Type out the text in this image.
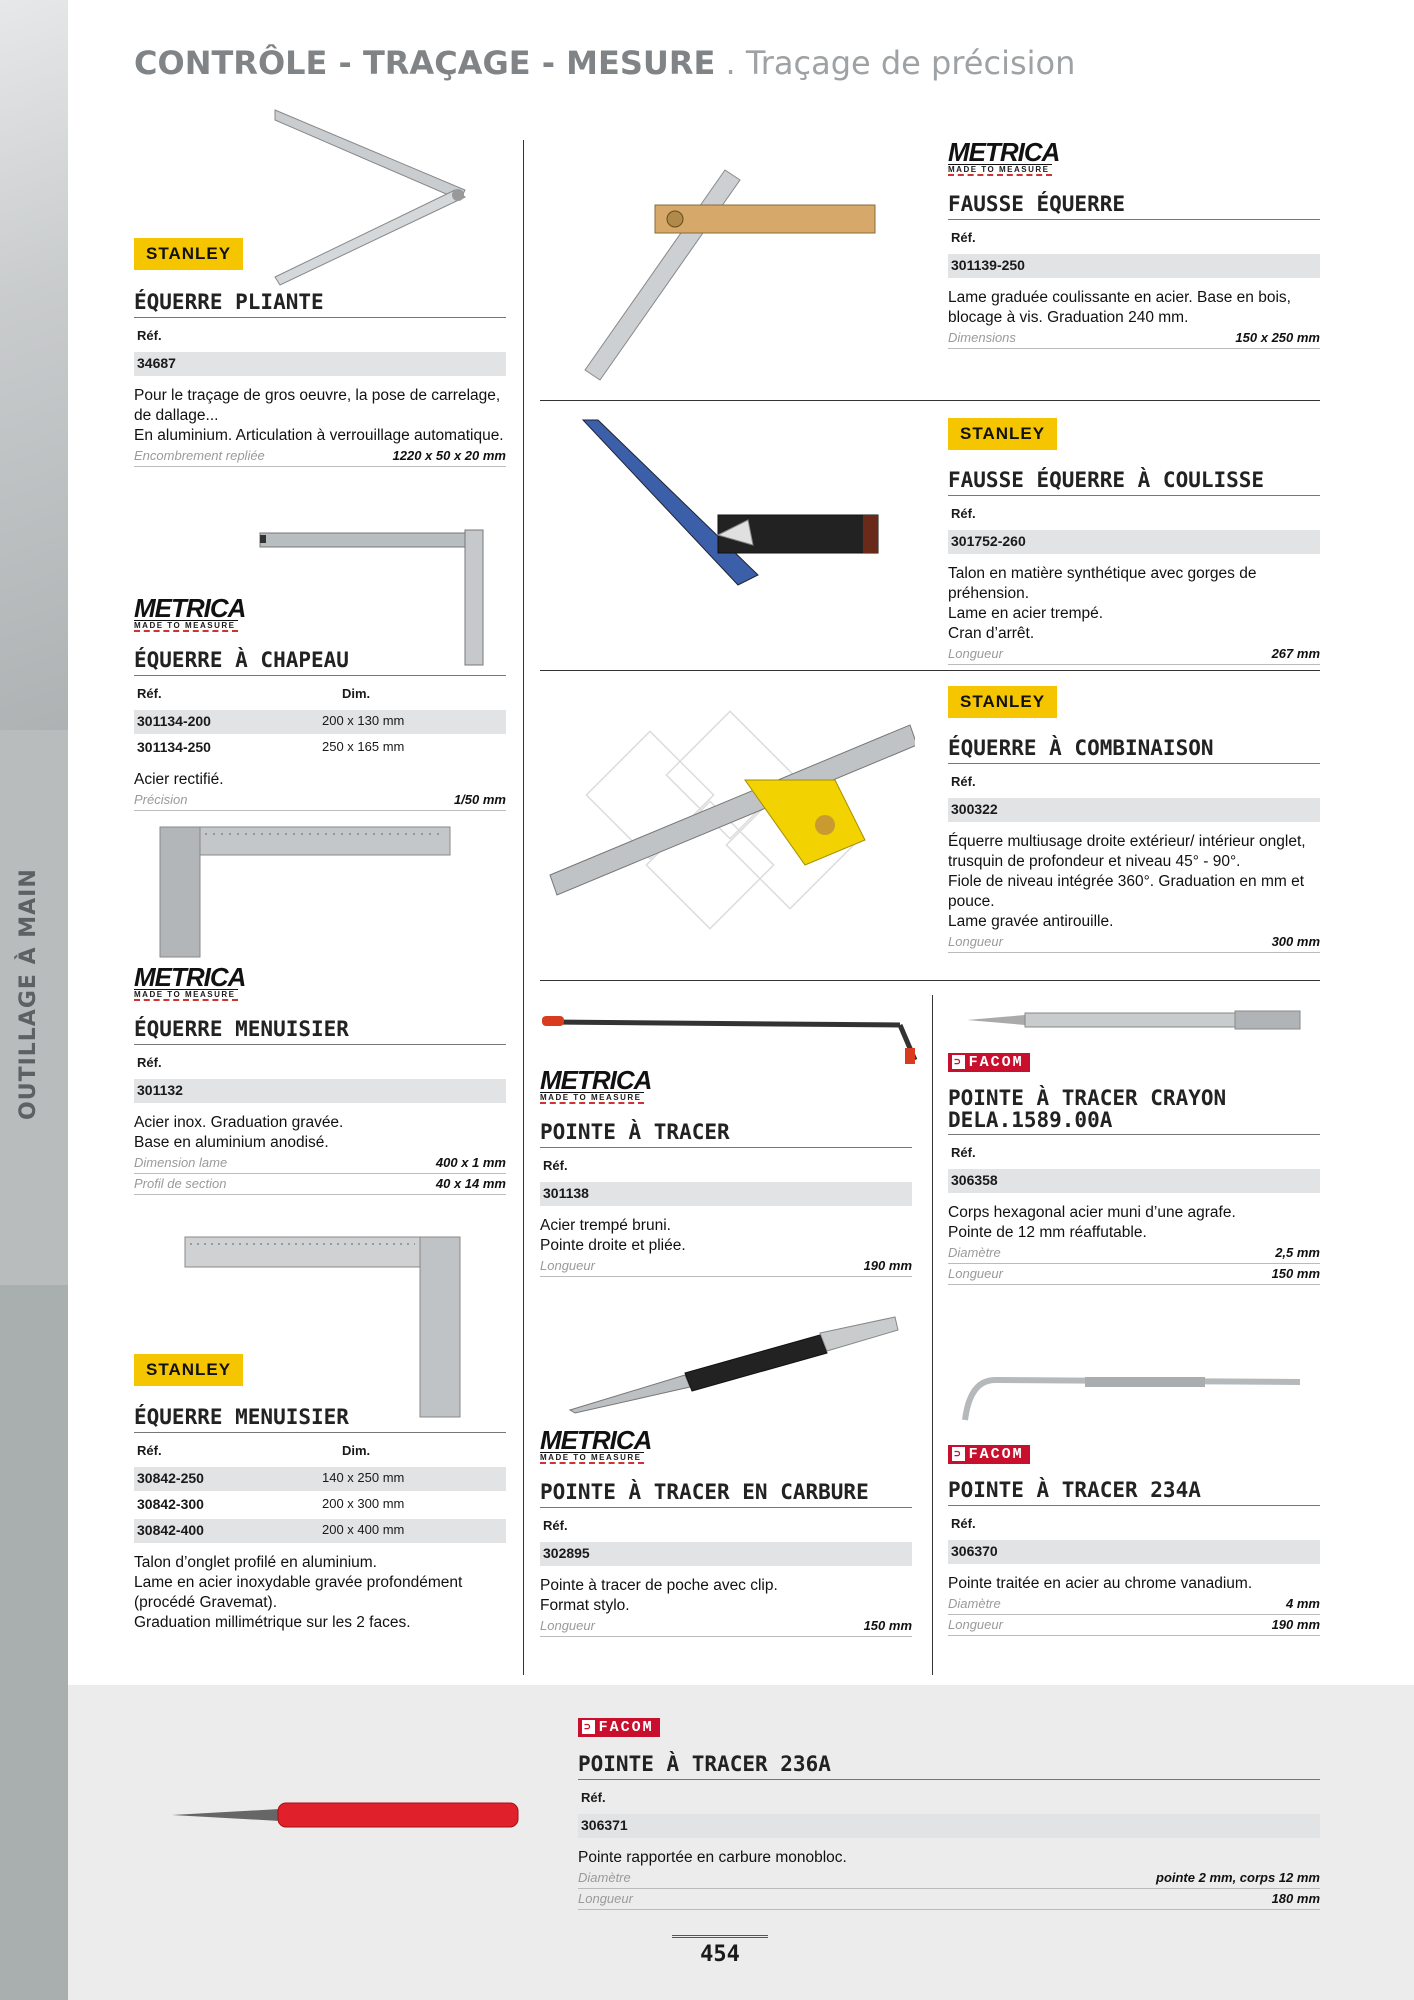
CONTRÔLE - TRAÇAGE - MESURE . Traçage de précision
STANLEY
ÉQUERRE PLIANTE
Réf.
34687
Pour le traçage de gros oeuvre, la pose de carrelage, de dallage...
En aluminium. Articulation à verrouillage automatique.
Encombrement repliée	1220 x 50 x 20 mm
METRICA
MADE TO MEASURE
ÉQUERRE À CHAPEAU
Réf.	Dim.
301134-200	200 x 130 mm
301134-250	250 x 165 mm
Acier rectifié.
Précision	1/50 mm
METRICA
MADE TO MEASURE
ÉQUERRE MENUISIER
Réf.
301132
Acier inox. Graduation gravée.
Base en aluminium anodisé.
Dimension lame	400 x 1 mm
Profil de section	40 x 14 mm
STANLEY
ÉQUERRE MENUISIER
Réf.	Dim.
30842-250	140 x 250 mm
30842-300	200 x 300 mm
30842-400	200 x 400 mm
Talon d’onglet profilé en aluminium.
Lame en acier inoxydable gravée profondément (procédé Gravemat).
Graduation millimétrique sur les 2 faces.
METRICA
MADE TO MEASURE
FAUSSE ÉQUERRE
Réf.
301139-250
Lame graduée coulissante en acier. Base en bois, blocage à vis. Graduation 240 mm.
Dimensions	150 x 250 mm
STANLEY
FAUSSE ÉQUERRE À COULISSE
Réf.
301752-260
Talon en matière synthétique avec gorges de préhension.
Lame en acier trempé.
Cran d’arrêt.
Longueur	267 mm
STANLEY
ÉQUERRE À COMBINAISON
Réf.
300322
Équerre multiusage droite extérieur/ intérieur onglet, trusquin de profondeur et niveau 45° - 90°.
Fiole de niveau intégrée 360°. Graduation en mm et pouce.
Lame gravée antirouille.
Longueur	300 mm
METRICA
MADE TO MEASURE
POINTE À TRACER
Réf.
301138
Acier trempé bruni.
Pointe droite et pliée.
Longueur	190 mm
METRICA
MADE TO MEASURE
POINTE À TRACER EN CARBURE
Réf.
302895
Pointe à tracer de poche avec clip.
Format stylo.
Longueur	150 mm
⊃ FACOM
POINTE À TRACER CRAYON DELA.1589.00A
Réf.
306358
Corps hexagonal acier muni d’une agrafe.
Pointe de 12 mm réaffutable.
Diamètre	2,5 mm
Longueur	150 mm
⊃ FACOM
POINTE À TRACER 234A
Réf.
306370
Pointe traitée en acier au chrome vanadium.
Diamètre	4 mm
Longueur	190 mm
⊃ FACOM
POINTE À TRACER 236A
Réf.
306371
Pointe rapportée en carbure monobloc.
Diamètre	pointe 2 mm, corps 12 mm
Longueur	180 mm
454
